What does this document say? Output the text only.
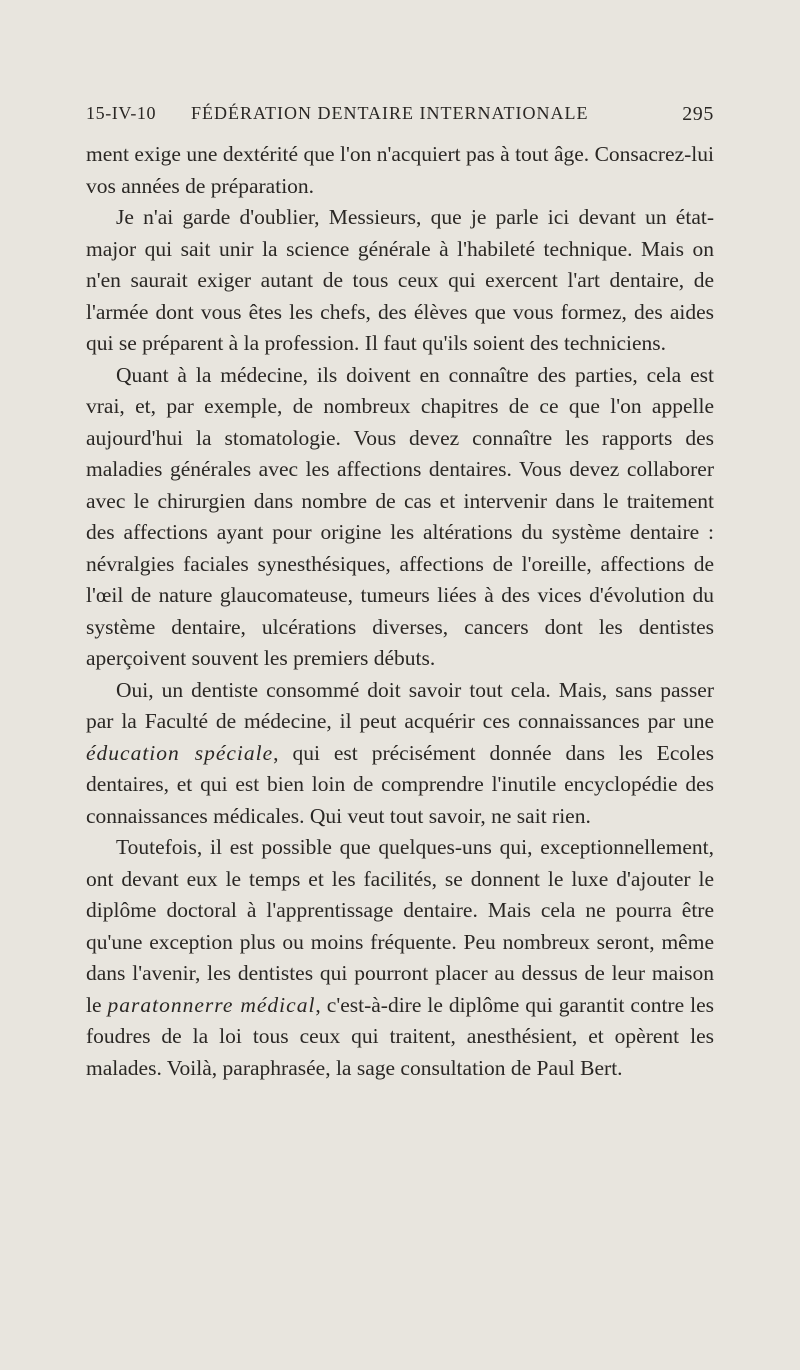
15-IV-10 FÉDÉRATION DENTAIRE INTERNATIONALE	295

ment exige une dextérité que l'on n'acquiert pas à tout âge. Consacrez-lui vos années de préparation.

Je n'ai garde d'oublier, Messieurs, que je parle ici devant un état-major qui sait unir la science générale à l'habileté technique. Mais on n'en saurait exiger autant de tous ceux qui exercent l'art dentaire, de l'armée dont vous êtes les chefs, des élèves que vous formez, des aides qui se préparent à la profession. Il faut qu'ils soient des techniciens.

Quant à la médecine, ils doivent en connaître des parties, cela est vrai, et, par exemple, de nombreux chapitres de ce que l'on appelle aujourd'hui la stomatologie. Vous devez connaître les rapports des maladies générales avec les affections dentaires. Vous devez collaborer avec le chirurgien dans nombre de cas et intervenir dans le traitement des affections ayant pour origine les altérations du système dentaire : névralgies faciales synesthésiques, affections de l'oreille, affections de l'œil de nature glaucomateuse, tumeurs liées à des vices d'évolution du système dentaire, ulcérations diverses, cancers dont les dentistes aperçoivent souvent les premiers débuts.

Oui, un dentiste consommé doit savoir tout cela. Mais, sans passer par la Faculté de médecine, il peut acquérir ces connaissances par une éducation spéciale, qui est précisément donnée dans les Ecoles dentaires, et qui est bien loin de comprendre l'inutile encyclopédie des connaissances médicales. Qui veut tout savoir, ne sait rien.

Toutefois, il est possible que quelques-uns qui, exceptionnellement, ont devant eux le temps et les facilités, se donnent le luxe d'ajouter le diplôme doctoral à l'apprentissage dentaire. Mais cela ne pourra être qu'une exception plus ou moins fréquente. Peu nombreux seront, même dans l'avenir, les dentistes qui pourront placer au dessus de leur maison le paratonnerre médical, c'est-à-dire le diplôme qui garantit contre les foudres de la loi tous ceux qui traitent, anesthésient, et opèrent les malades. Voilà, paraphrasée, la sage consultation de Paul Bert.
